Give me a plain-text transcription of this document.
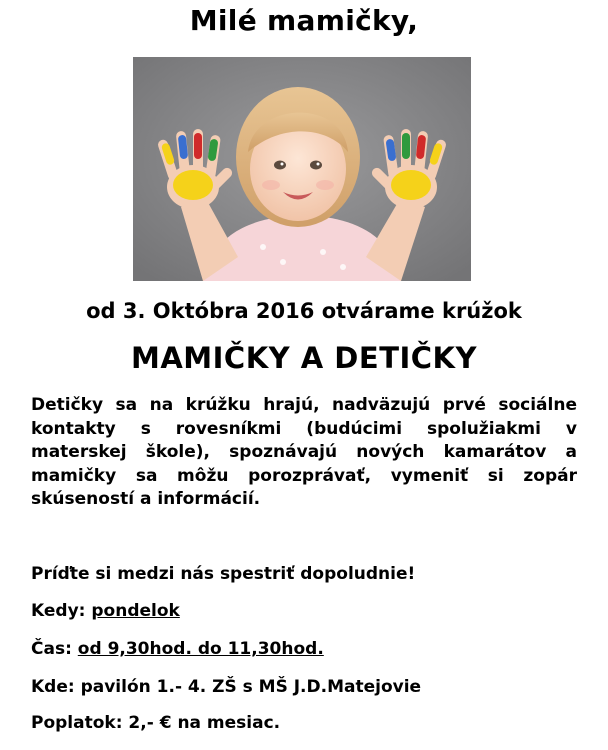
Milé mamičky,
od 3. Októbra 2016 otvárame krúžok
MAMIČKY A DETIČKY

Detičky sa na krúžku hrajú, nadväzujú prvé sociálne kontakty s rovesníkmi (budúcimi spolužiakmi v materskej škole), spoznávajú nových kamarátov a mamičky sa môžu porozprávať, vymeniť si zopár skúseností a informácií.

Príďte si medzi nás spestriť dopoludnie!
Kedy: pondelok
Čas: od 9,30hod. do 11,30hod.
Kde: pavilón 1.- 4. ZŠ s MŠ J.D.Matejovie
Poplatok: 2,- € na mesiac.
